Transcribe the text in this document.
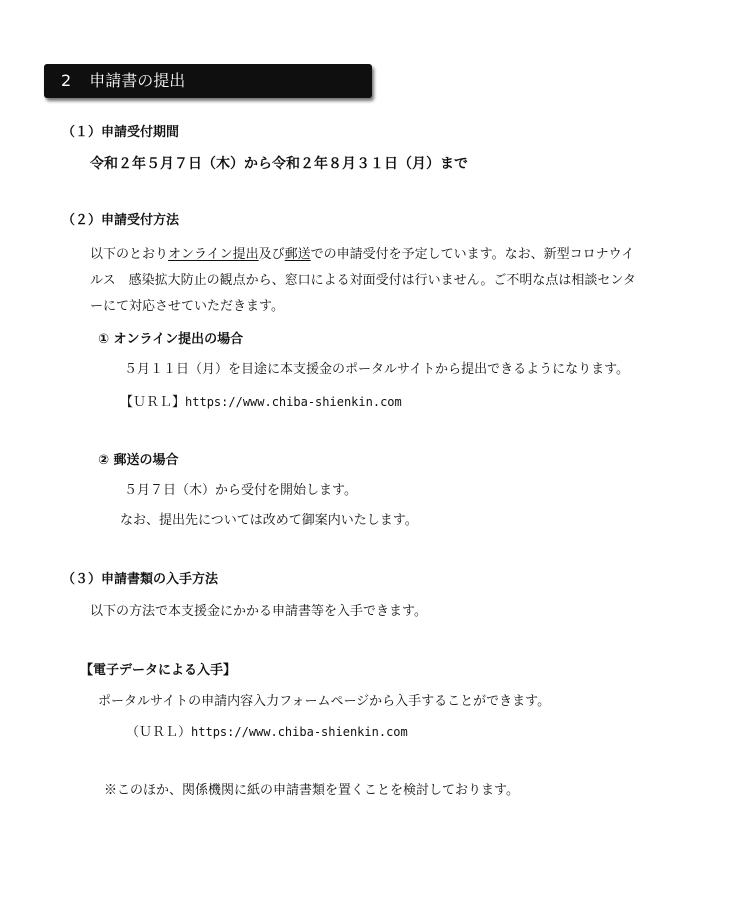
2 申請書の提出
（１）申請受付期間
令和２年５月７日（木）から令和２年８月３１日（月）まで
（２）申請受付方法
以下のとおりオンライン提出及び郵送での申請受付を予定しています。なお、新型コロナウイ
ルス　感染拡大防止の観点から、窓口による対面受付は行いません。ご不明な点は相談センタ
ーにて対応させていただきます。
① オンライン提出の場合
５月１１日（月）を目途に本支援金のポータルサイトから提出できるようになります。
【ＵＲＬ】https://www.chiba-shienkin.com
② 郵送の場合
５月７日（木）から受付を開始します。
なお、提出先については改めて御案内いたします。
（３）申請書類の入手方法
以下の方法で本支援金にかかる申請書等を入手できます。
【電子データによる入手】
ポータルサイトの申請内容入力フォームページから入手することができます。
（ＵＲＬ）https://www.chiba-shienkin.com
※このほか、関係機関に紙の申請書類を置くことを検討しております。
